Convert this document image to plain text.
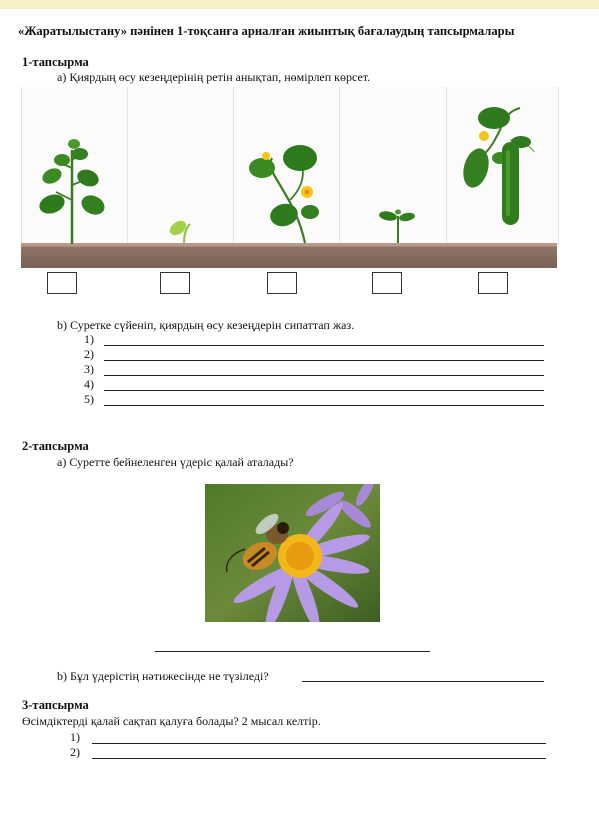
«Жаратылыстану» пәнінен 1-тоқсанға арналған жиынтық бағалаудың тапсырмалары
1-тапсырма
а) Қиярдың өсу кезеңдерінің ретін анықтап, нөмірлеп көрсет.
b) Суретке сүйеніп, қиярдың өсу кезеңдерін сипаттап жаз.
1)
2)
3)
4)
5)
2-тапсырма
а) Суретте бейнеленген үдеріс қалай аталады?
b) Бұл үдерістің нәтижесінде не түзіледі?
3-тапсырма
Өсімдіктерді қалай сақтап қалуға болады? 2 мысал келтір.
1)
2)
